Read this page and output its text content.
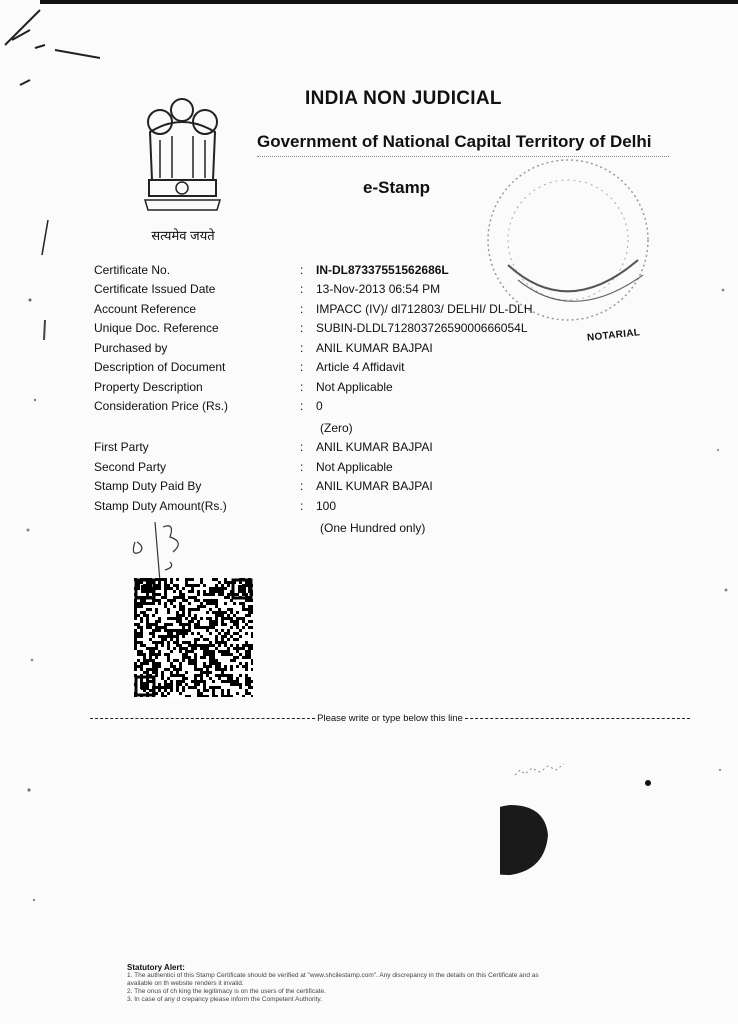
सत्यमेव जयते
INDIA NON JUDICIAL
Government of National Capital Territory of Delhi
e-Stamp
NOTARIAL
Certificate No.	: IN-DL87337551562686L
Certificate Issued Date	: 13-Nov-2013 06:54 PM
Account Reference	: IMPACC (IV)/ dl712803/ DELHI/ DL-DLH
Unique Doc. Reference	: SUBIN-DLDL71280372659000666054L
Purchased by	: ANIL KUMAR BAJPAI
Description of Document	: Article 4 Affidavit
Property Description	: Not Applicable
Consideration Price (Rs.)	: 0
(Zero)
First Party	: ANIL KUMAR BAJPAI
Second Party	: Not Applicable
Stamp Duty Paid By	: ANIL KUMAR BAJPAI
Stamp Duty Amount(Rs.)	: 100
(One Hundred only)
Please write or type below this line
Statutory Alert:
1. The authentici of this Stamp Certificate should be verified at "www.shcilestamp.com". Any discrepancy in the details on this Certificate and as
available on th website renders it invalid.
2. The onus of ch king the legitimacy is on the users of the certificate.
3. In case of any d crepancy please inform the Competent Authority.
